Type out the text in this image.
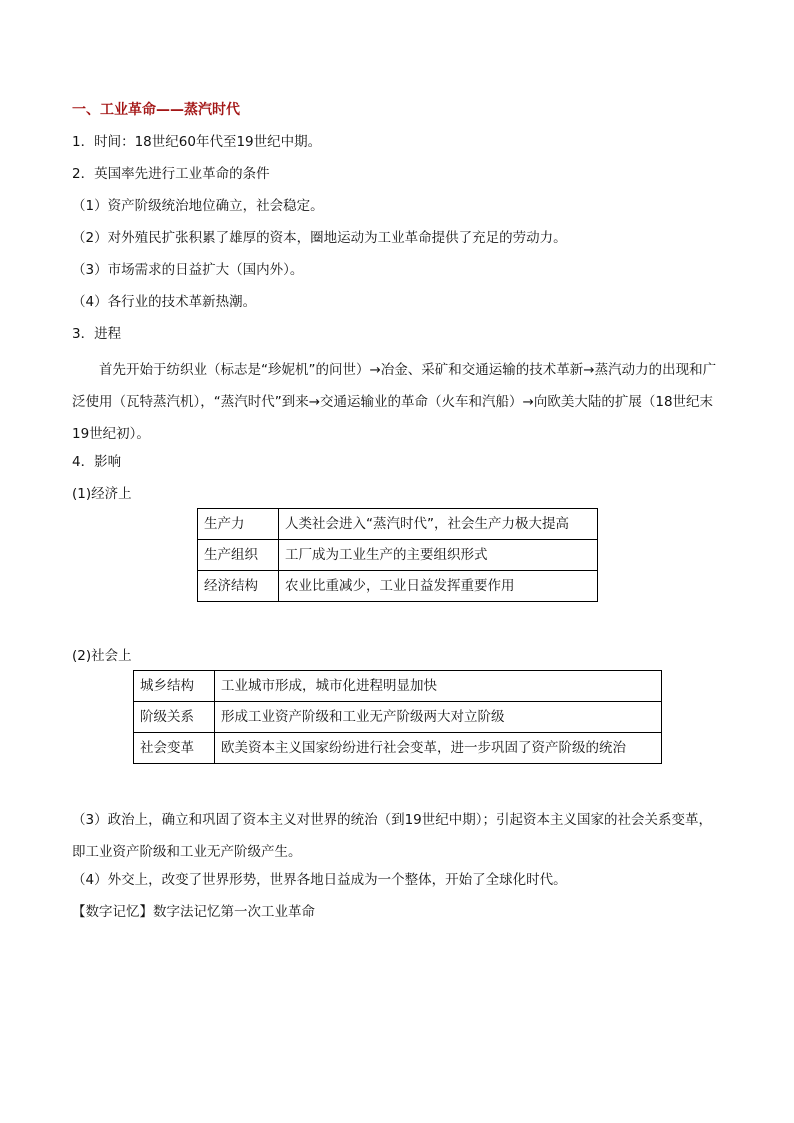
一、工业革命——蒸汽时代
1．时间：18世纪60年代至19世纪中期。
2．英国率先进行工业革命的条件
（1）资产阶级统治地位确立，社会稳定。
（2）对外殖民扩张积累了雄厚的资本，圈地运动为工业革命提供了充足的劳动力。
（3）市场需求的日益扩大（国内外）。
（4）各行业的技术革新热潮。
3．进程
首先开始于纺织业（标志是“珍妮机”的问世）→冶金、采矿和交通运输的技术革新→蒸汽动力的出现和广泛使用（瓦特蒸汽机），“蒸汽时代”到来→交通运输业的革命（火车和汽船）→向欧美大陆的扩展（18世纪末19世纪初）。
4．影响
(1)经济上
生产力	人类社会进入“蒸汽时代”，社会生产力极大提高
生产组织	工厂成为工业生产的主要组织形式
经济结构	农业比重减少，工业日益发挥重要作用
(2)社会上
城乡结构	工业城市形成，城市化进程明显加快
阶级关系	形成工业资产阶级和工业无产阶级两大对立阶级
社会变革	欧美资本主义国家纷纷进行社会变革，进一步巩固了资产阶级的统治
（3）政治上，确立和巩固了资本主义对世界的统治（到19世纪中期）；引起资本主义国家的社会关系变革，即工业资产阶级和工业无产阶级产生。
（4）外交上，改变了世界形势，世界各地日益成为一个整体，开始了全球化时代。
【数字记忆】数字法记忆第一次工业革命
